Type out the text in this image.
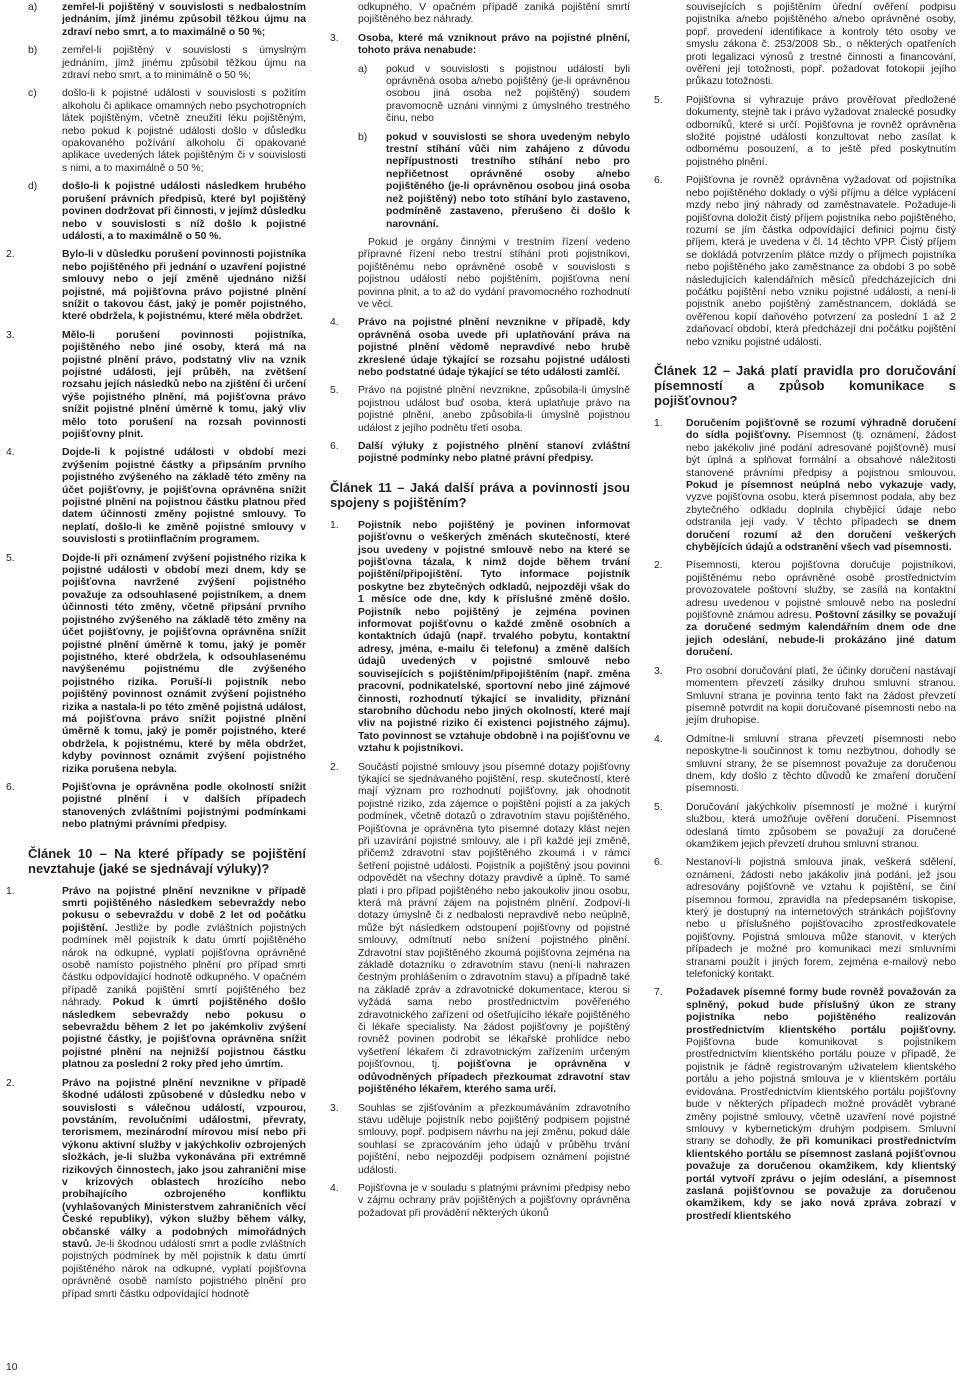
a) zemřel-li pojištěný v souvislosti s nedbalostním jednáním, jímž jinému způsobil těžkou újmu na zdraví nebo smrt, a to maximálně o 50 %;
b) zemřel-li pojištěný v souvislosti s úmyslným jednáním, jímž jinému způsobil těžkou újmu na zdraví nebo smrt, a to minimálně o 50 %;
c) došlo-li k pojistné události v souvislosti s požitím alkoholu či aplikace omamných nebo psychotropních látek pojištěným, včetně zneužití léku pojištěným, nebo pokud k pojistné události došlo v důsledku opakovaného požívání alkoholu či opakované aplikace uvedených látek pojištěným či v souvislosti s nimi, a to maximálně o 50 %;
d) došlo-li k pojistné události následkem hrubého porušení právních předpisů, které byl pojištěný povinen dodržovat při činnosti, v jejímž důsledku nebo v souvislosti s níž došlo k pojistné události, a to maximálně o 50 %.
2.	Bylo-li v důsledku porušení povinnosti pojistníka nebo pojištěného při jednání o uzavření pojistné smlouvy nebo o její změně ujednáno nižší pojistné, má pojišťovna právo pojistné plnění snížit o takovou část, jaký je poměr pojistného, které obdržela, k pojistnému, které měla obdržet.
3.	Mělo-li porušení povinnosti pojistníka, pojištěného nebo jiné osoby, která má na pojistné plnění právo, podstatný vliv na vznik pojistné události, její průběh, na zvětšení rozsahu jejích následků nebo na zjištění či určení výše pojistného plnění, má pojišťovna právo snížit pojistné plnění úměrně k tomu, jaký vliv mělo toto porušení na rozsah povinnosti pojišťovny plnit.
4.	Dojde-li k pojistné události v období mezi zvýšením pojistné částky a připsáním prvního pojistného zvýšeného na základě této změny na účet pojišťovny, je pojišťovna oprávněna snížit pojistné plnění na pojistnou částku platnou před datem účinnosti změny pojistné smlouvy. To neplatí, došlo-li ke změně pojistné smlouvy v souvislosti s protiinflačním programem.
5.	Dojde-li při oznámení zvýšení pojistného rizika k pojistné události v období mezi dnem, kdy se pojišťovna navržené zvýšení pojistného považuje za odsouhlasené pojistníkem, a dnem účinnosti této změny, včetně připsání prvního pojistného zvýšeného na základě této změny na účet pojišťovny, je pojišťovna oprávněna snížit pojistné plnění úměrně k tomu, jaký je poměr pojistného, které obdržela, k odsouhlasenému navýšenému pojistnému dle zvýšeného pojistného rizika. Poruší-li pojistník nebo pojištěný povinnost oznámit zvýšení pojistného rizika a nastala-li po této změně pojistná událost, má pojišťovna právo snížit pojistné plnění úměrně k tomu, jaký je poměr pojistného, které obdržela, k pojistnému, které by měla obdržet, kdyby povinnost oznámit zvýšení pojistného rizika porušena nebyla.
6.	Pojišťovna je oprávněna podle okolností snížit pojistné plnění i v dalších případech stanovených zvláštními pojistnými podmínkami nebo platnými právními předpisy.
Článek 10 – Na které případy se pojištění nevztahuje (jaké se sjednávají výluky)?
1.	Právo na pojistné plnění nevznikne v případě smrti pojištěného následkem sebevraždy nebo pokusu o sebevraždu v době 2 let od počátku pojištění. Jestliže by podle zvláštních pojistných podmínek měl pojistník k datu úmrtí pojištěného nárok na odkupné, vyplatí pojišťovna oprávněné osobě namísto pojistného plnění pro případ smrti částku odpovídající hodnotě odkupného. V opačném případě zaniká pojištění smrtí pojištěného bez náhrady. Pokud k úmrtí pojištěného došlo následkem sebevraždy nebo pokusu o sebevraždu během 2 let po jakémkoliv zvýšení pojistné částky, je pojišťovna oprávněna snížit pojistné plnění na nejnižší pojistnou částku platnou za poslední 2 roky před jeho úmrtím.
2.	Právo na pojistné plnění nevznikne v případě škodné události způsobené v důsledku nebo v souvislosti s válečnou událostí, vzpourou, povstáním, revolučními událostmi, převraty, terorismem, mezinárodní mírovou misí nebo při výkonu aktivní služby v jakýchkoliv ozbrojených složkách, je-li služba vykonávána při extrémně rizikových činnostech, jako jsou zahraniční mise v krizových oblastech hrozícího nebo probíhajícího ozbrojeného konfliktu (vyhlašovaných Ministerstvem zahraničních věcí České republiky), výkon služby během války, občanské války a podobných mimořádných stavů. Je-li škodnou událostí smrt a podle zvláštních pojistných podmínek by měl pojistník k datu úmrtí pojištěného nárok na odkupné, vyplatí pojišťovna oprávněné osobě namísto pojistného plnění pro případ smrti částku odpovídající hodnotě
odkupného. V opačném případě zaniká pojištění smrtí pojištěného bez náhrady.
3. Osoba, které má vzniknout právo na pojistné plnění, tohoto práva nenabude:
a) pokud v souvislosti s pojistnou událostí byli oprávněná osoba a/nebo pojištěný (je-li oprávněnou osobou jiná osoba než pojištěný) soudem pravomocně uznáni vinnými z úmyslného trestného činu, nebo
b) pokud v souvislosti se shora uvedeným nebylo trestní stíhání vůči nim zahájeno z důvodu nepřípustnosti trestního stíhání nebo pro nepřičetnost oprávněné osoby a/nebo pojištěného (je-li oprávněnou osobou jiná osoba než pojištěný) nebo toto stíhání bylo zastaveno, podmíněně zastaveno, přerušeno či došlo k narovnání.
Pokud je orgány činnými v trestním řízení vedeno přípravné řízení nebo trestní stíhání proti pojistníkovi, pojištěnému nebo oprávněné osobě v souvislosti s pojistnou událostí nebo pojištěním, pojišťovna není povinna plnit, a to až do vydání pravomocného rozhodnutí ve věci.
4. Právo na pojistné plnění nevznikne v případě, kdy oprávněná osoba uvede při uplatňování práva na pojistné plnění vědomě nepravdivé nebo hrubě zkreslené údaje týkající se rozsahu pojistné události nebo podstatné údaje týkající se této události zamlčí.
5. Právo na pojistné plnění nevznikne, způsobila-li úmyslně pojistnou událost buď osoba, která uplatňuje právo na pojistné plnění, anebo způsobila-li úmyslně pojistnou událost z jejího podnětu třetí osoba.
6. Další výluky z pojistného plnění stanoví zvláštní pojistné podmínky nebo platné právní předpisy.
Článek 11 – Jaká další práva a povinnosti jsou spojeny s pojištěním?
1. Pojistník nebo pojištěný je povinen informovat pojišťovnu o veškerých změnách skutečností, které jsou uvedeny v pojistné smlouvě nebo na které se pojišťovna tázala, k nimž dojde během trvání pojištění/připojištění. Tyto informace pojistník poskytne bez zbytečných odkladů, nejpozději však do 1 měsíce ode dne, kdy k příslušné změně došlo. Pojistník nebo pojištěný je zejména povinen informovat pojišťovnu o každé změně osobních a kontaktních údajů (např. trvalého pobytu, kontaktní adresy, jména, e-mailu či telefonu) a změně dalších údajů uvedených v pojistné smlouvě nebo souvisejících s pojištěním/připojištěním (např. změna pracovní, podnikatelské, sportovní nebo jiné zájmové činnosti, rozhodnutí týkající se invalidity, přiznání starobního důchodu nebo jiných okolností, které mají vliv na pojistné riziko či existenci pojistného zájmu). Tato povinnost se vztahuje obdobně i na pojišťovnu ve vztahu k pojistníkovi.
2. Součástí pojistné smlouvy jsou písemné dotazy pojišťovny týkající se sjednávaného pojištění, resp. skutečností, které mají význam pro rozhodnutí pojišťovny, jak ohodnotit pojistné riziko, zda zájemce o pojištění pojistí a za jakých podmínek, včetně dotazů o zdravotním stavu pojištěného. Pojišťovna je oprávněna tyto písemné dotazy klást nejen při uzavírání pojistné smlouvy, ale i při každé její změně, přičemž zdravotní stav pojištěného zkoumá i v rámci šetření pojistné události. Pojistník a pojištěný jsou povinni odpovědět na všechny dotazy pravdivě a úplně. To samé platí i pro případ pojištěného nebo jakoukoliv jinou osobu, která má právní zájem na pojistném plnění. Zodpoví-li dotazy úmyslně či z nedbalosti nepravdivě nebo neúplně, může být následkem odstoupení pojišťovny od pojistné smlouvy, odmítnutí nebo snížení pojistného plnění. Zdravotní stav pojištěného zkoumá pojišťovna zejména na základě dotazníku o zdravotním stavu (není-li nahrazen čestným prohlášením o zdravotním stavu) a případně také na základě zpráv a zdravotnické dokumentace, kterou si vyžádá sama nebo prostřednictvím pověřeného zdravotnického zařízení od ošetřujícího lékaře pojištěného či lékaře specialisty. Na žádost pojišťovny je pojištěný rovněž povinen podrobit se lékařské prohlídce nebo vyšetření lékařem či zdravotnickým zařízením určeným pojišťovnou, tj. pojišťovna je oprávněna v odůvodněných případech přezkoumat zdravotní stav pojištěného lékařem, kterého sama určí.
3. Souhlas se zjišťováním a přezkoumáváním zdravotního stavu uděluje pojistník nebo pojištěný podpisem pojistné smlouvy, popř. podpisem návrhu na její změnu, pokud dále souhlasí se zpracováním jeho údajů v průběhu trvání pojištění, nebo nejpozději podpisem oznámení pojistné události.
4. Pojišťovna je v souladu s platnými právními předpisy nebo v zájmu ochrany práv pojištěných a pojišťovny oprávněna požadovat při provádění některých úkonů
souvisejících s pojištěním úřední ověření podpisu pojistníka a/nebo pojištěného a/nebo oprávněné osoby, popř. provedení identifikace a kontroly této osoby ve smyslu zákona č. 253/2008 Sb., o některých opatřeních proti legalizaci výnosů z trestné činnosti a financování, ověření její totožnosti, popř. požadovat fotokopii jejího průkazu totožnosti.
5. Pojišťovna si vyhrazuje právo prověřovat předložené dokumenty, stejně tak i právo vyžadovat znalecké posudky odborníků, které si určí. Pojišťovna je rovněž oprávněna složité pojistné události konzultovat nebo zasílat k odbornému posouzení, a to ještě před poskytnutím pojistného plnění.
6. Pojišťovna je rovněž oprávněna vyžadovat od pojistníka nebo pojištěného doklady o výši příjmu a délce vyplácení mzdy nebo jiný náhrady od zaměstnavatele. Požaduje-li pojišťovna doložit čistý příjem pojistníka nebo pojištěného, rozumí se jím částka odpovídající definici pojmu čistý příjem, která je uvedena v čl. 14 těchto VPP. Čistý příjem se dokládá potvrzením plátce mzdy o příjmech pojistníka nebo pojištěného jako zaměstnance za období 3 po sobě následujících kalendářních měsíců předcházejících dni počátku pojištění nebo vzniku pojistné události, a není-li pojistník anebo pojištěný zaměstnancem, dokládá se ověřenou kopií daňového potvrzení za poslední 1 až 2 zdaňovací období, která předcházejí dni počátku pojištění nebo vzniku pojistné události.
Článek 12 – Jaká platí pravidla pro doručování písemností a způsob komunikace s pojišťovnou?
1. Doručením pojišťovně se rozumí výhradně doručení do sídla pojišťovny. Písemnost (tj. oznámení, žádost nebo jakékoliv jiné podání adresované pojišťovně) musí být úplná a splňovat formální a obsahové náležitosti stanovené právními předpisy a pojistnou smlouvou. Pokud je písemnost neúplná nebo vykazuje vady, vyzve pojišťovna osobu, která písemnost podala, aby bez zbytečného odkladu doplnila chybějící údaje nebo odstranila její vady. V těchto případech se dnem doručení rozumí až den doručení veškerých chybějících údajů a odstranění všech vad písemnosti.
2. Písemnosti, kterou pojišťovna doručuje pojistníkovi, pojištěnému nebo oprávněné osobě prostřednictvím provozovatele poštovní služby, se zasílá na kontaktní adresu uvedenou v pojistné smlouvě nebo na poslední pojišťovně známou adresu. Poštovní zásilky se považují za doručené sedmým kalendářním dnem ode dne jejich odeslání, nebude-li prokázáno jiné datum doručení.
3. Pro osobní doručování platí, že účinky doručení nastávají momentem převzetí zásilky druhou smluvní stranou. Smluvní strana je povinna tento fakt na žádost převzetí písemně potvrdit na kopii doručované písemnosti nebo na jejím druhopise.
4. Odmítne-li smluvní strana převzetí písemnosti nebo neposkytne-li součinnost k tomu nezbytnou, dohodly se smluvní strany, že se písemnost považuje za doručenou dnem, kdy došlo z těchto důvodů ke zmaření doručení písemnosti.
5. Doručování jakýchkoliv písemností je možné i kurýrní službou, která umožňuje ověření doručení. Písemnost odeslaná tímto způsobem se považují za doručené okamžikem jejich převzetí druhou smluvní stranou.
6. Nestanoví-li pojistná smlouva jinak, veškerá sdělení, oznámení, žádosti nebo jakákoliv jiná podání, jež jsou adresovány pojišťovně ve vztahu k pojištění, se činí písemnou formou, zpravidla na předepsaném tiskopise, který je dostupný na internetových stránkách pojišťovny nebo u příslušného pojišťovacího zprostředkovatele pojišťovny. Pojistná smlouva může stanovit, v kterých případech je možné pro komunikaci mezi smluvními stranami použít i jiných forem, zejména e-mailový nebo telefonický kontakt.
7. Požadavek písemné formy bude rovněž považován za splněný, pokud bude příslušný úkon ze strany pojistníka nebo pojištěného realizován prostřednictvím klientského portálu pojišťovny. Pojišťovna bude komunikovat s pojistníkem prostřednictvím klientského portálu pouze v případě, že pojistník je řádně registrovaným uživatelem klientského portálu a jeho pojistná smlouva je v klientském portálu evidována. Prostřednictvím klientského portálu pojišťovny bude v některých případech možné provádět vybrané změny pojistné smlouvy, včetně uzavření nové pojistné smlouvy v kybernetickým druhým podpisem. Smluvní strany se dohodly, že při komunikaci prostřednictvím klientského portálu se písemnost zaslaná pojišťovnou považuje za doručenou okamžikem, kdy klientský portál vytvoří zprávu o jejím odeslání, a písemnost zaslaná pojišťovnou se považuje za doručenou okamžikem, kdy se jako nová zpráva zobrazí v prostředí klientského
10
